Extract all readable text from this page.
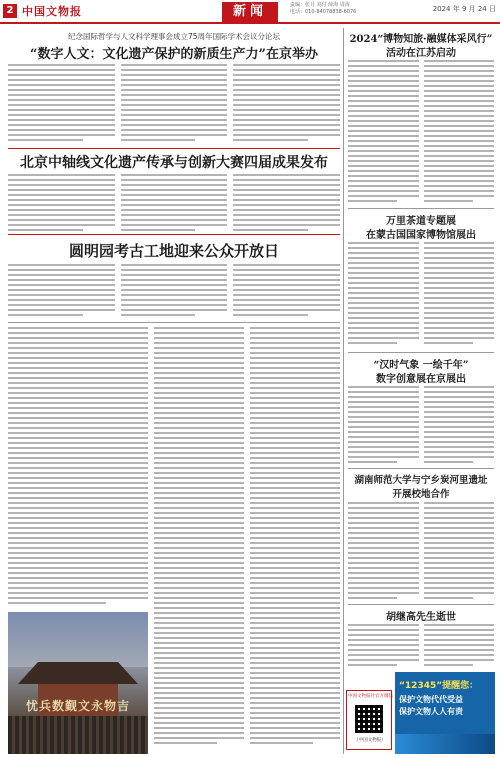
2 中国文物报	新闻	责编：张月 刘付 薛海 周涛
电话：010-84078838-6076	2024 年 9 月 24 日
纪念国际哲学与人文科学理事会成立75周年国际学术会议分论坛
“数字人文：文化遗产保护的新质生产力”在京举办
北京中轴线文化遗产传承与创新大赛四届成果发布
圆明园考古工地迎来公众开放日
忧兵数觐文永物吉
2024“博物知旅·融媒体采风行”
活动在江苏启动
万里茶道专题展
在蒙古国国家博物馆展出
“汉时气象 一绘千年”
数字创意展在京展出
湖南师范大学与宁乡炭河里遗址
开展校地合作
胡继高先生逝世
中国文物报社官方微信
（中国文物报）
“12345”提醒您：
保护文物代代受益
保护文物人人有责
